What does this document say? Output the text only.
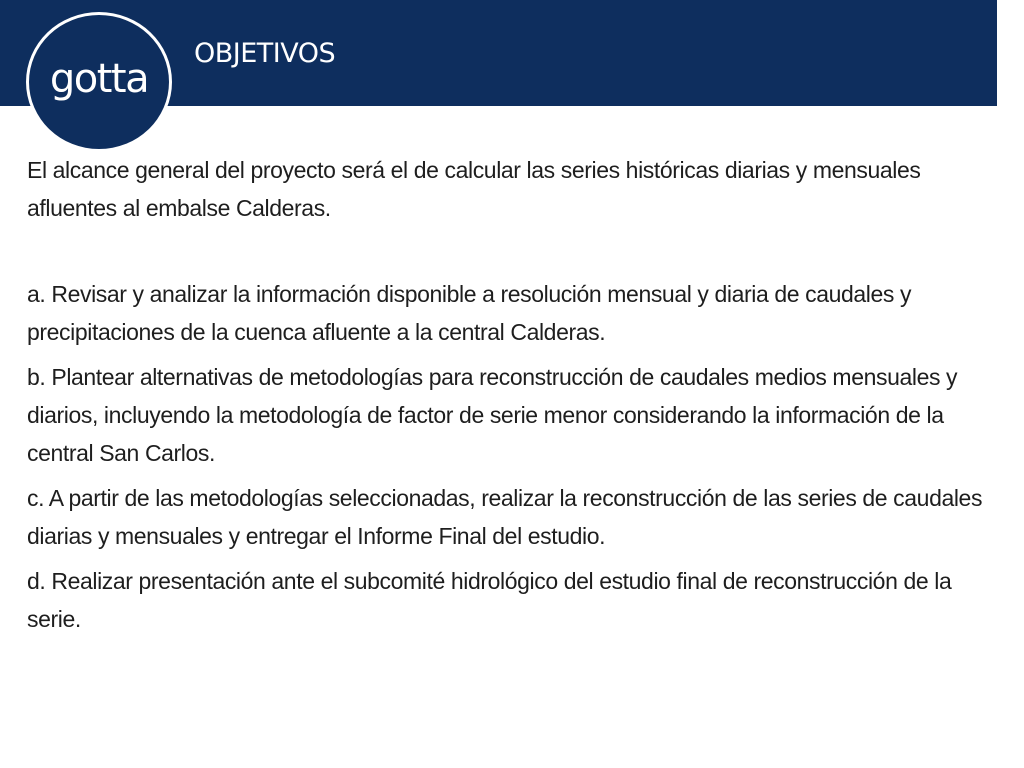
OBJETIVOS
gotta

El alcance general del proyecto será el de calcular las series históricas diarias y mensuales afluentes al embalse Calderas.

a. Revisar y analizar la información disponible a resolución mensual y diaria de caudales y precipitaciones de la cuenca afluente a la central Calderas.

b. Plantear alternativas de metodologías para reconstrucción de caudales medios mensuales y diarios, incluyendo la metodología de factor de serie menor considerando la información de la central San Carlos.

c. A partir de las metodologías seleccionadas, realizar la reconstrucción de las series de caudales diarias y mensuales y entregar el Informe Final del estudio.

d. Realizar presentación ante el subcomité hidrológico del estudio final de reconstrucción de la serie.
